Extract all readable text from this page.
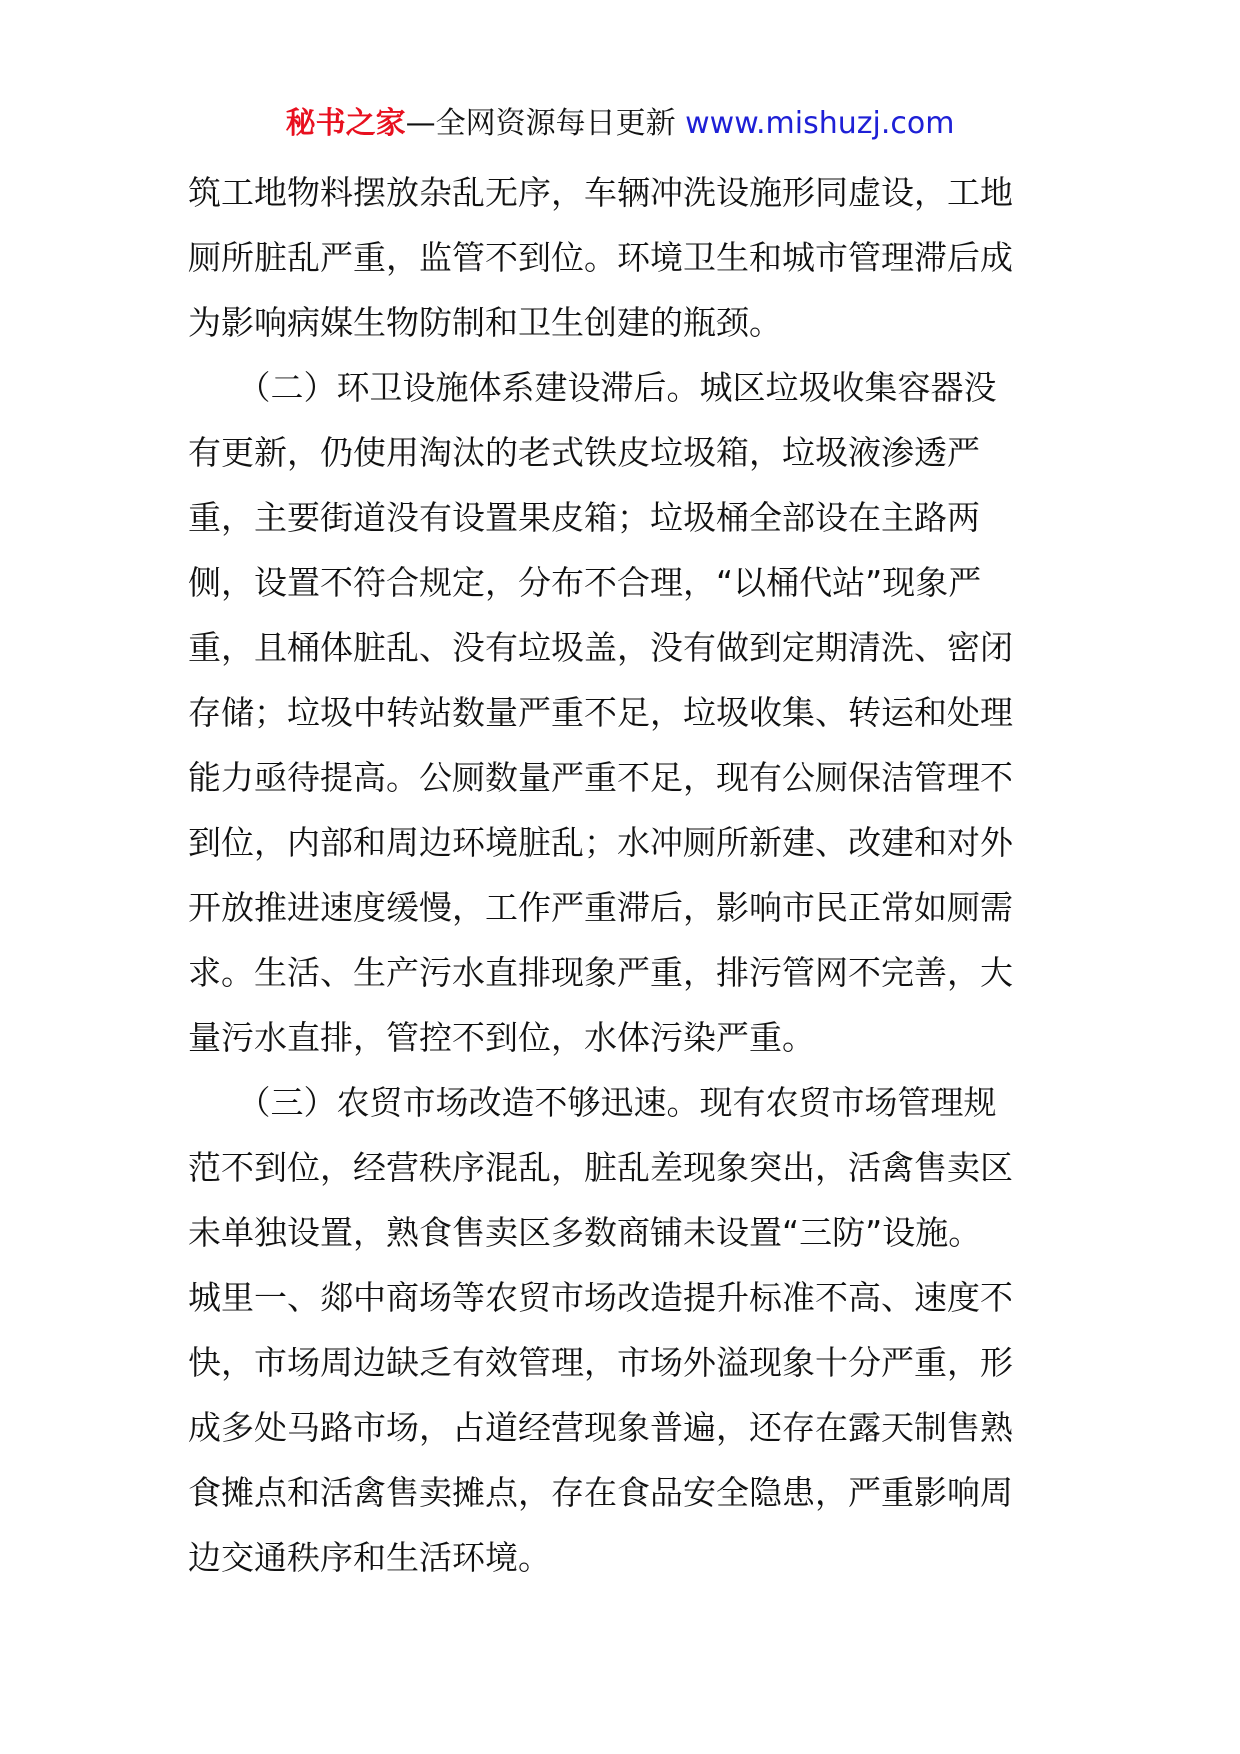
秘书之家—全网资源每日更新 www.mishuzj.com
筑工地物料摆放杂乱无序，车辆冲洗设施形同虚设，工地
厕所脏乱严重，监管不到位。环境卫生和城市管理滞后成
为影响病媒生物防制和卫生创建的瓶颈。
　　（二）环卫设施体系建设滞后。城区垃圾收集容器没
有更新，仍使用淘汰的老式铁皮垃圾箱，垃圾液渗透严
重，主要街道没有设置果皮箱；垃圾桶全部设在主路两
侧，设置不符合规定，分布不合理，“以桶代站”现象严
重，且桶体脏乱、没有垃圾盖，没有做到定期清洗、密闭
存储；垃圾中转站数量严重不足，垃圾收集、转运和处理
能力亟待提高。公厕数量严重不足，现有公厕保洁管理不
到位，内部和周边环境脏乱；水冲厕所新建、改建和对外
开放推进速度缓慢，工作严重滞后，影响市民正常如厕需
求。生活、生产污水直排现象严重，排污管网不完善，大
量污水直排，管控不到位，水体污染严重。
　　（三）农贸市场改造不够迅速。现有农贸市场管理规
范不到位，经营秩序混乱，脏乱差现象突出，活禽售卖区
未单独设置，熟食售卖区多数商铺未设置“三防”设施。
城里一、郯中商场等农贸市场改造提升标准不高、速度不
快，市场周边缺乏有效管理，市场外溢现象十分严重，形
成多处马路市场，占道经营现象普遍，还存在露天制售熟
食摊点和活禽售卖摊点，存在食品安全隐患，严重影响周
边交通秩序和生活环境。
